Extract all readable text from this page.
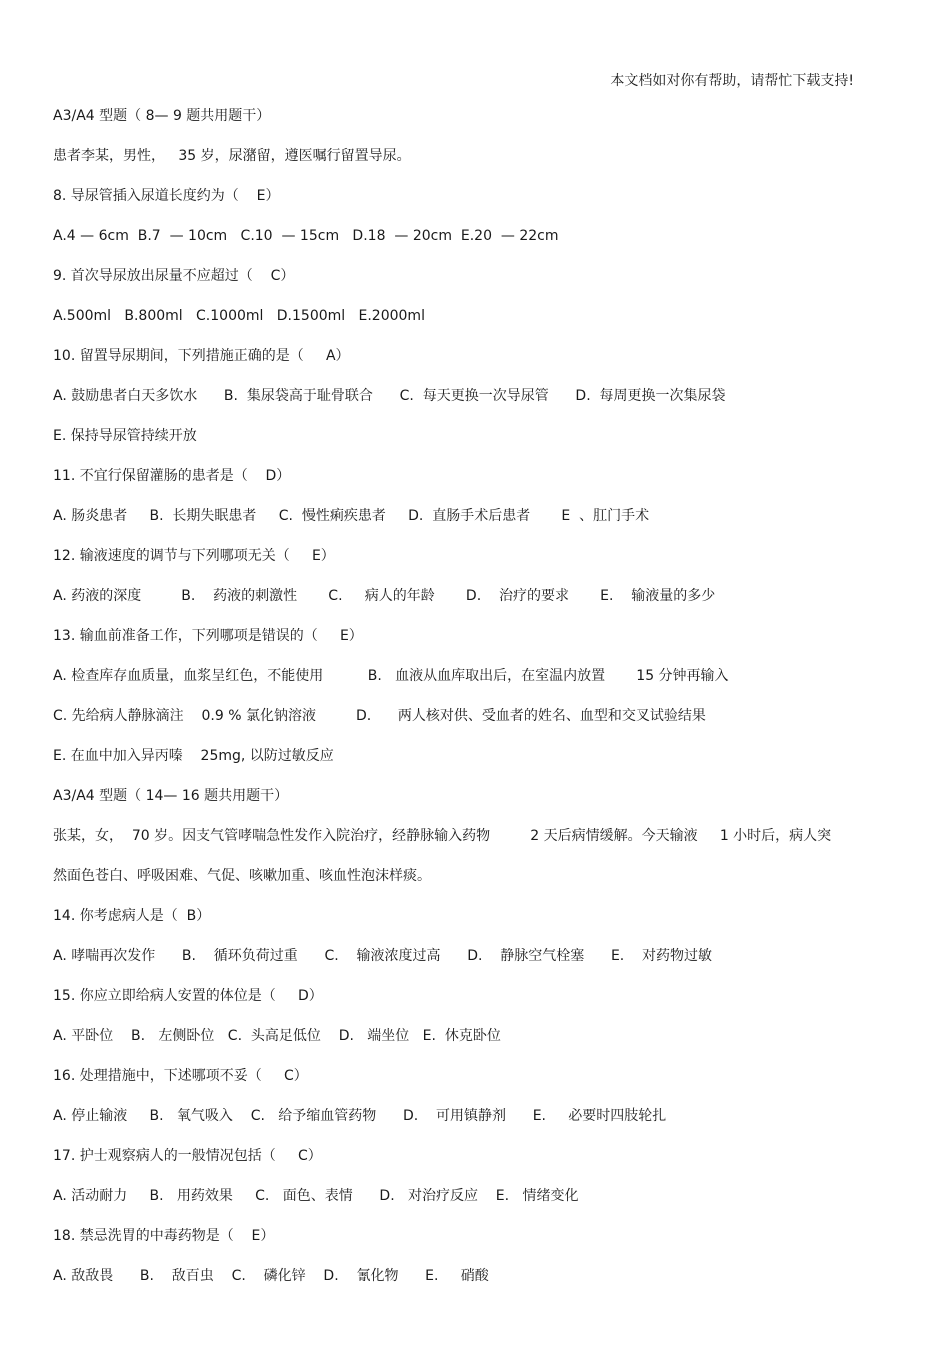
本文档如对你有帮助，请帮忙下载支持!
A3/A4 型题（ 8— 9 题共用题干）
患者李某，男性，   35 岁，尿潴留，遵医嘱行留置导尿。
8. 导尿管插入尿道长度约为（    E）
A.4 — 6cm  B.7  — 10cm   C.10  — 15cm   D.18  — 20cm  E.20  — 22cm
9. 首次导尿放出尿量不应超过（    C）
A.500ml   B.800ml   C.1000ml   D.1500ml   E.2000ml
10. 留置导尿期间，下列措施正确的是（     A）
A. 鼓励患者白天多饮水      B.  集尿袋高于耻骨联合      C.  每天更换一次导尿管      D.  每周更换一次集尿袋
E. 保持导尿管持续开放
11. 不宜行保留灌肠的患者是（    D）
A. 肠炎患者     B.  长期失眠患者     C.  慢性痢疾患者     D.  直肠手术后患者       E  、肛门手术
12. 输液速度的调节与下列哪项无关（     E）
A. 药液的深度         B.    药液的刺激性       C.     病人的年龄       D.    治疗的要求       E.    输液量的多少
13. 输血前准备工作，下列哪项是错误的（     E）
A. 检查库存血质量，血浆呈红色，不能使用          B.   血液从血库取出后，在室温内放置       15 分钟再输入
C. 先给病人静脉滴注    0.9 % 氯化钠溶液         D.      两人核对供、受血者的姓名、血型和交叉试验结果
E. 在血中加入异丙嗪    25mg, 以防过敏反应
A3/A4 型题（ 14— 16 题共用题干）
张某，女，  70 岁。因支气管哮喘急性发作入院治疗，经静脉输入药物         2 天后病情缓解。今天输液     1 小时后，病人突
然面色苍白、呼吸困难、气促、咳嗽加重、咳血性泡沫样痰。
14. 你考虑病人是（  B）
A. 哮喘再次发作      B.    循环负荷过重      C.    输液浓度过高      D.    静脉空气栓塞      E.    对药物过敏
15. 你应立即给病人安置的体位是（     D）
A. 平卧位    B.   左侧卧位   C.  头高足低位    D.   端坐位   E.  休克卧位
16. 处理措施中，下述哪项不妥（     C）
A. 停止输液     B.   氧气吸入    C.   给予缩血管药物      D.    可用镇静剂      E.     必要时四肢轮扎
17. 护士观察病人的一般情况包括（     C）
A. 活动耐力     B.   用药效果     C.   面色、表情      D.   对治疗反应    E.   情绪变化
18. 禁忌洗胃的中毒药物是（    E）
A. 敌敌畏      B.    敌百虫    C.    磷化锌    D.    氰化物      E.     硝酸
